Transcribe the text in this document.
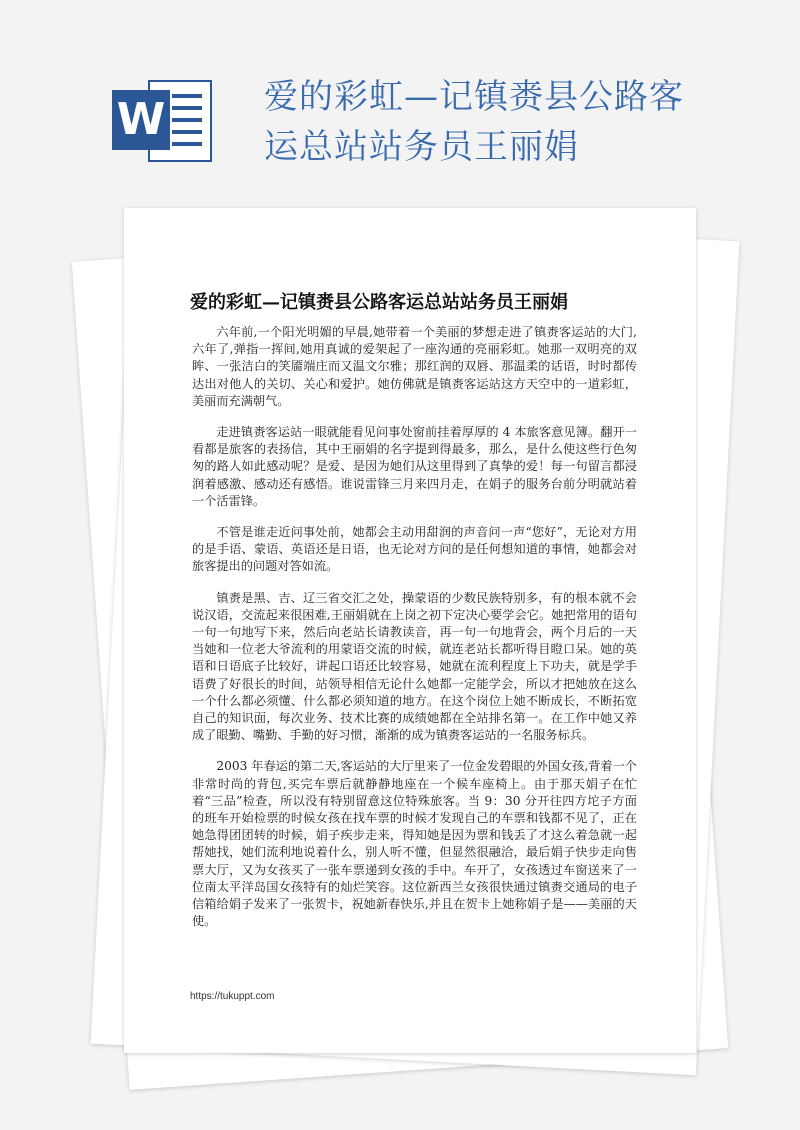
W	爱的彩虹—记镇赉县公路客运总站站务员王丽娟
爱的彩虹—记镇赉县公路客运总站站务员王丽娟

六年前,一个阳光明媚的早晨,她带着一个美丽的梦想走进了镇赉客运站的大门,六年了,弹指一挥间,她用真诚的爱架起了一座沟通的亮丽彩虹。她那一双明亮的双眸、一张洁白的笑靥端庄而又温文尔雅；那红润的双唇、那温柔的话语，时时都传达出对他人的关切、关心和爱护。她仿佛就是镇赉客运站这方天空中的一道彩虹，美丽而充满朝气。

走进镇赉客运站一眼就能看见问事处窗前挂着厚厚的 4 本旅客意见簿。翻开一看都是旅客的表扬信，其中王丽娟的名字提到得最多，那么，是什么使这些行色匆匆的路人如此感动呢？是爱、是因为她们从这里得到了真挚的爱！每一句留言都浸润着感激、感动还有感悟。谁说雷锋三月来四月走，在娟子的服务台前分明就站着一个活雷锋。

不管是谁走近问事处前，她都会主动用甜润的声音问一声“您好”，无论对方用的是手语、蒙语、英语还是日语，也无论对方问的是任何想知道的事情，她都会对旅客提出的问题对答如流。

镇赉是黑、吉、辽三省交汇之处，操蒙语的少数民族特别多，有的根本就不会说汉语，交流起来很困难,王丽娟就在上岗之初下定决心要学会它。她把常用的语句一句一句地写下来，然后向老站长请教读音，再一句一句地背会，两个月后的一天当她和一位老大爷流利的用蒙语交流的时候，就连老站长都听得目瞪口呆。她的英语和日语底子比较好，讲起口语还比较容易，她就在流利程度上下功夫，就是学手语费了好很长的时间，站领导相信无论什么她都一定能学会，所以才把她放在这么一个什么都必须懂、什么都必须知道的地方。在这个岗位上她不断成长，不断拓宽自己的知识面，每次业务、技术比赛的成绩她都在全站排名第一。在工作中她又养成了眼勤、嘴勤、手勤的好习惯，渐渐的成为镇赉客运站的一名服务标兵。

2003 年春运的第二天,客运站的大厅里来了一位金发碧眼的外国女孩,背着一个非常时尚的背包,买完车票后就静静地座在一个候车座椅上。由于那天娟子在忙着“三品”检查，所以没有特别留意这位特殊旅客。当 9：30 分开往四方坨子方面的班车开始检票的时候女孩在找车票的时候才发现自己的车票和钱都不见了，正在她急得团团转的时候，娟子疾步走来，得知她是因为票和钱丢了才这么着急就一起帮她找，她们流利地说着什么，别人听不懂，但显然很融洽，最后娟子快步走向售票大厅，又为女孩买了一张车票递到女孩的手中。车开了，女孩透过车窗送来了一位南太平洋岛国女孩特有的灿烂笑容。这位新西兰女孩很快通过镇赉交通局的电子信箱给娟子发来了一张贺卡，祝她新春快乐,并且在贺卡上她称娟子是——美丽的天使。

https://tukuppt.com
